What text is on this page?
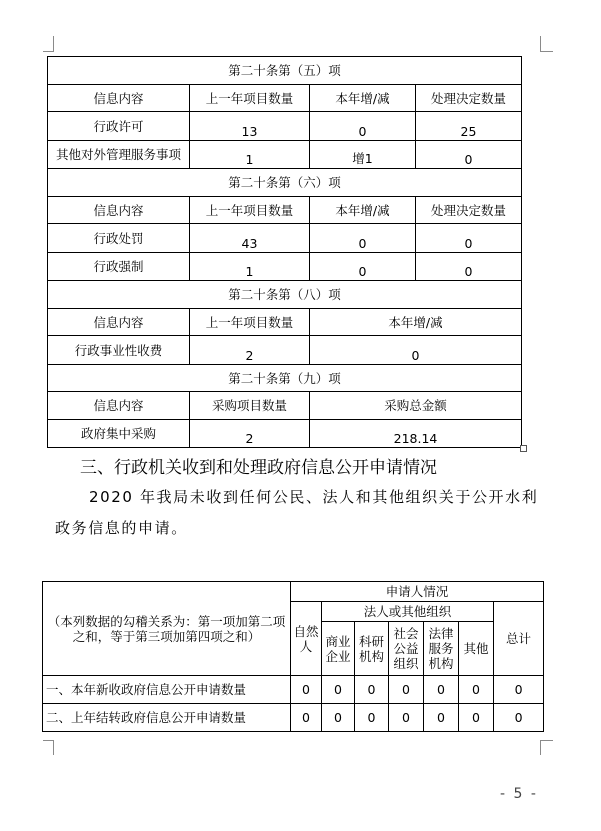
第二十条第（五）项			
信息内容	上一年项目数量	本年增/减	处理决定数量
行政许可	13	0	25
其他对外管理服务事项	1	增1	0
第二十条第（六）项			
信息内容	上一年项目数量	本年增/减	处理决定数量
行政处罚	43	0	0
行政强制	1	0	0
第二十条第（八）项			
信息内容	上一年项目数量	本年增/减	
行政事业性收费	2	0	
第二十条第（九）项			
信息内容	采购项目数量	采购总金额	
政府集中采购	2	218.14	
三、行政机关收到和处理政府信息公开申请情况
2020 年我局未收到任何公民、法人和其他组织关于公开水利
政务信息的申请。
（本列数据的勾稽关系为：第一项加第二项之和，等于第三项加第四项之和）	申请人情况						
	自然人	法人或其他组织					总计
		商业企业	科研机构	社会公益组织	法律服务机构	其他	
一、本年新收政府信息公开申请数量	0	0	0	0	0	0	0
二、上年结转政府信息公开申请数量	0	0	0	0	0	0	0
- 5 -
